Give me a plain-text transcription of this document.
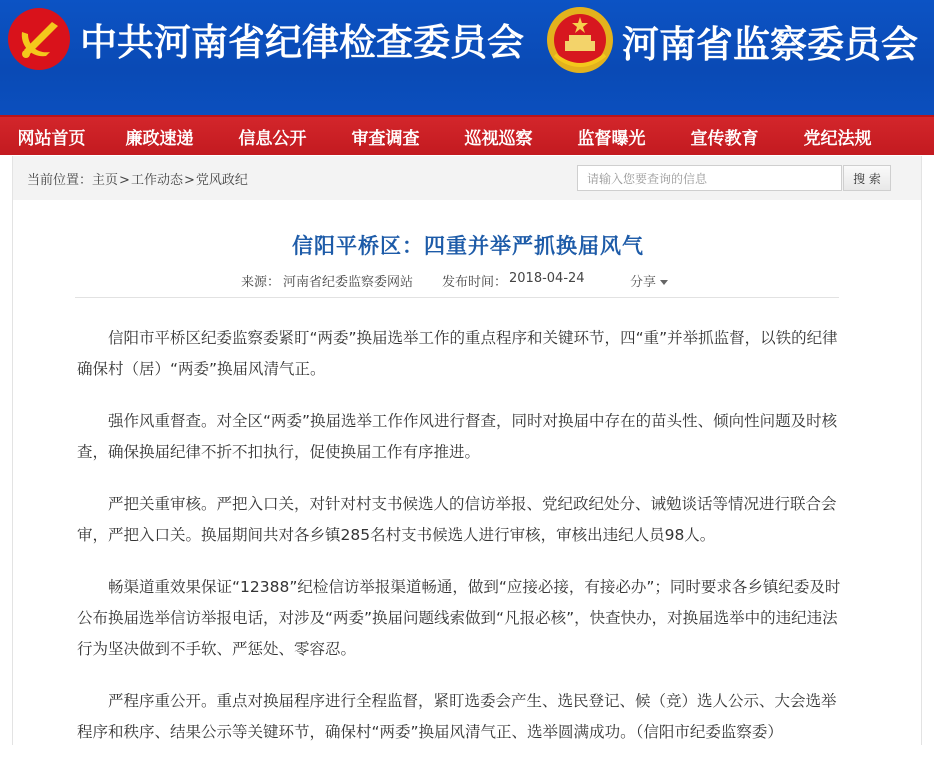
中共河南省纪律检查委员会	河南省监察委员会
网站首页	廉政速递	信息公开	审查调查	巡视巡察	监督曝光	宣传教育	党纪法规
当前位置：主页>工作动态>党风政纪	请输入您要查询的信息	搜 索
信阳平桥区：四重并举严抓换届风气
来源： 河南省纪委监察委网站 发布时间： 2018-04-24	分享

信阳市平桥区纪委监察委紧盯“两委”换届选举工作的重点程序和关键环节，四“重”并举抓监督，以铁的纪律确保村（居）“两委”换届风清气正。

强作风重督查。对全区“两委”换届选举工作作风进行督查，同时对换届中存在的苗头性、倾向性问题及时核查，确保换届纪律不折不扣执行，促使换届工作有序推进。

严把关重审核。严把入口关，对针对村支书候选人的信访举报、党纪政纪处分、诫勉谈话等情况进行联合会审，严把入口关。换届期间共对各乡镇285名村支书候选人进行审核，审核出违纪人员98人。

畅渠道重效果保证“12388”纪检信访举报渠道畅通，做到“应接必接，有接必办”；同时要求各乡镇纪委及时公布换届选举信访举报电话，对涉及“两委”换届问题线索做到“凡报必核”，快查快办，对换届选举中的违纪违法行为坚决做到不手软、严惩处、零容忍。

严程序重公开。重点对换届程序进行全程监督，紧盯选委会产生、选民登记、候（竞）选人公示、大会选举程序和秩序、结果公示等关键环节，确保村“两委”换届风清气正、选举圆满成功。（信阳市纪委监察委）
